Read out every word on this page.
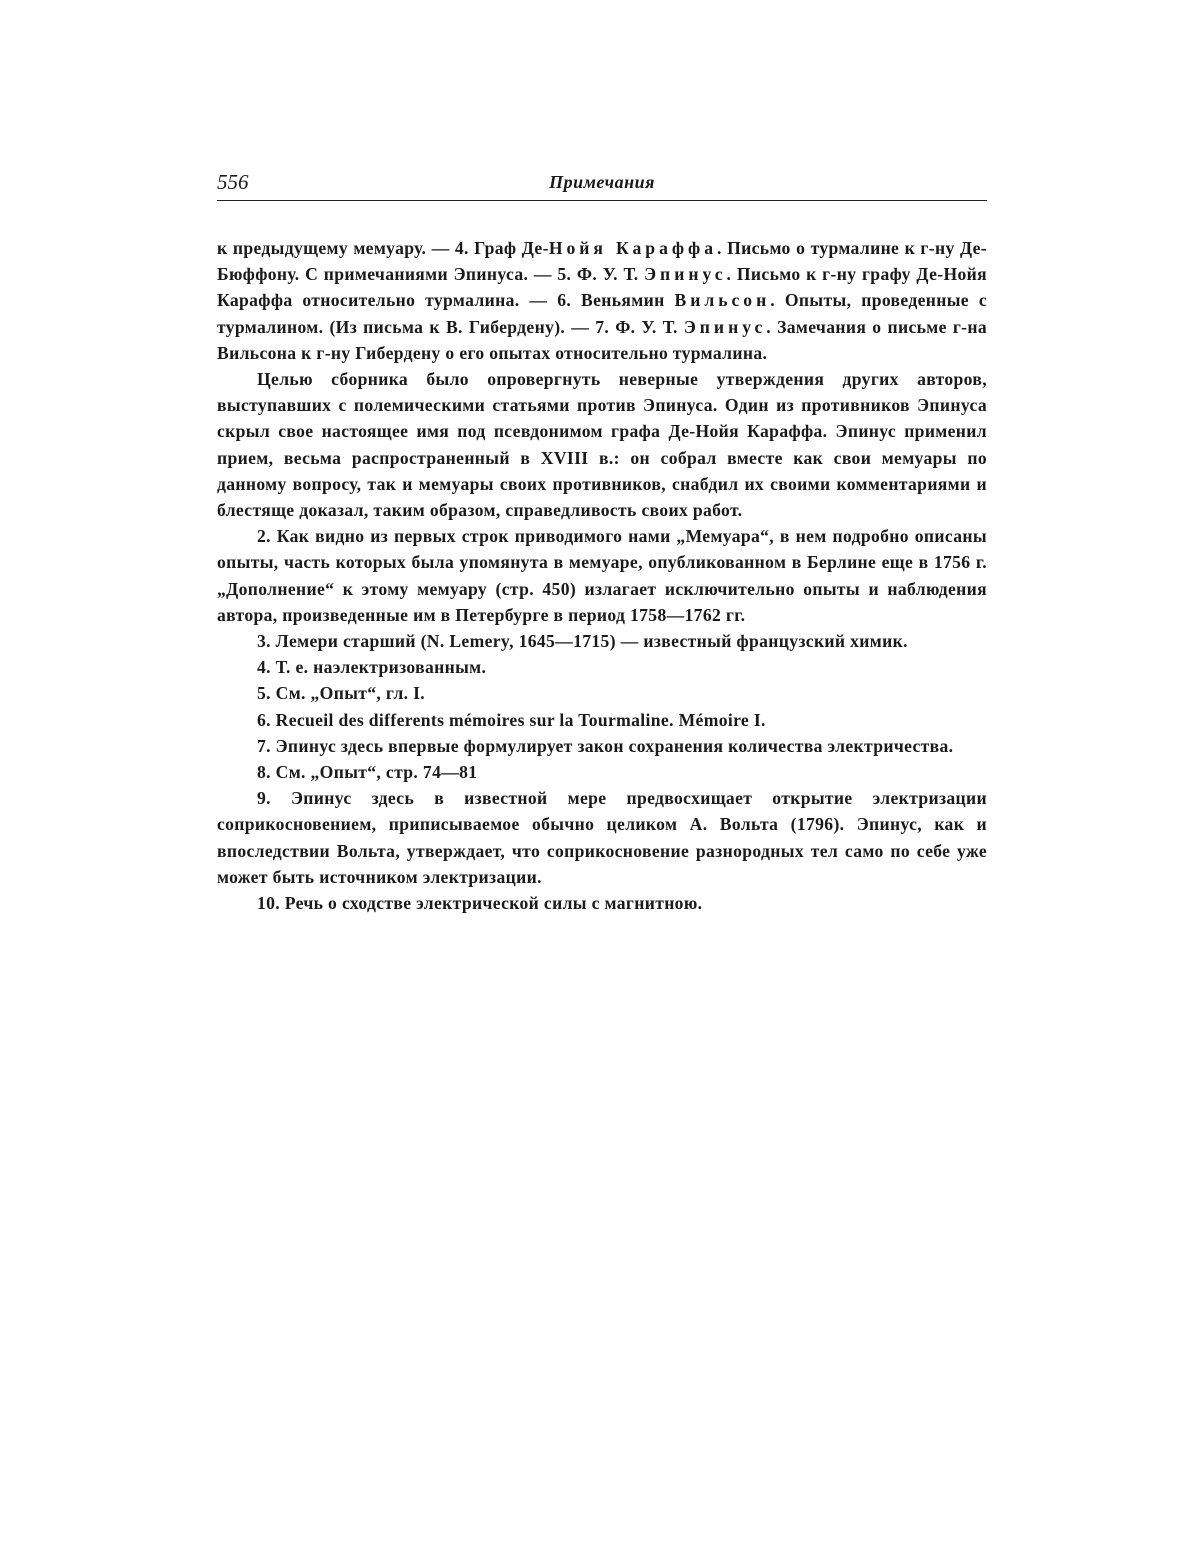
556	Примечания

к предыдущему мемуару. — 4. Граф Де-Нойя Караффа. Письмо о турмалине к г-ну Де-Бюффону. С примечаниями Эпинуса. — 5. Ф. У. Т. Эпинус. Письмо к г-ну графу Де-Нойя Караффа относительно турмалина. — 6. Веньямин Вильсон. Опыты, проведенные с турмалином. (Из письма к В. Гибердену). — 7. Ф. У. Т. Эпинус. Замечания о письме г-на Вильсона к г-ну Гибердену о его опытах относительно турмалина.

Целью сборника было опровергнуть неверные утверждения других авторов, выступавших с полемическими статьями против Эпинуса. Один из противников Эпинуса скрыл свое настоящее имя под псевдонимом графа Де-Нойя Караффа. Эпинус применил прием, весьма распространенный в XVIII в.: он собрал вместе как свои мемуары по данному вопросу, так и мемуары своих противников, снабдил их своими комментариями и блестяще доказал, таким образом, справедливость своих работ.

2. Как видно из первых строк приводимого нами „Мемуара“, в нем подробно описаны опыты, часть которых была упомянута в мемуаре, опубликованном в Берлине еще в 1756 г. „Дополнение“ к этому мемуару (стр. 450) излагает исключительно опыты и наблюдения автора, произведенные им в Петербурге в период 1758—1762 гг.

3. Лемери старший (N. Lemery, 1645—1715) — известный французский химик.

4. Т. е. наэлектризованным.

5. См. „Опыт“, гл. I.

6. Recueil des differents mémoires sur la Tourmaline. Mémoire I.

7. Эпинус здесь впервые формулирует закон сохранения количества электричества.

8. См. „Опыт“, стр. 74—81

9. Эпинус здесь в известной мере предвосхищает открытие электризации соприкосновением, приписываемое обычно целиком А. Вольта (1796). Эпинус, как и впоследствии Вольта, утверждает, что соприкосновение разнородных тел само по себе уже может быть источником электризации.

10. Речь о сходстве электрической силы с магнитною.
